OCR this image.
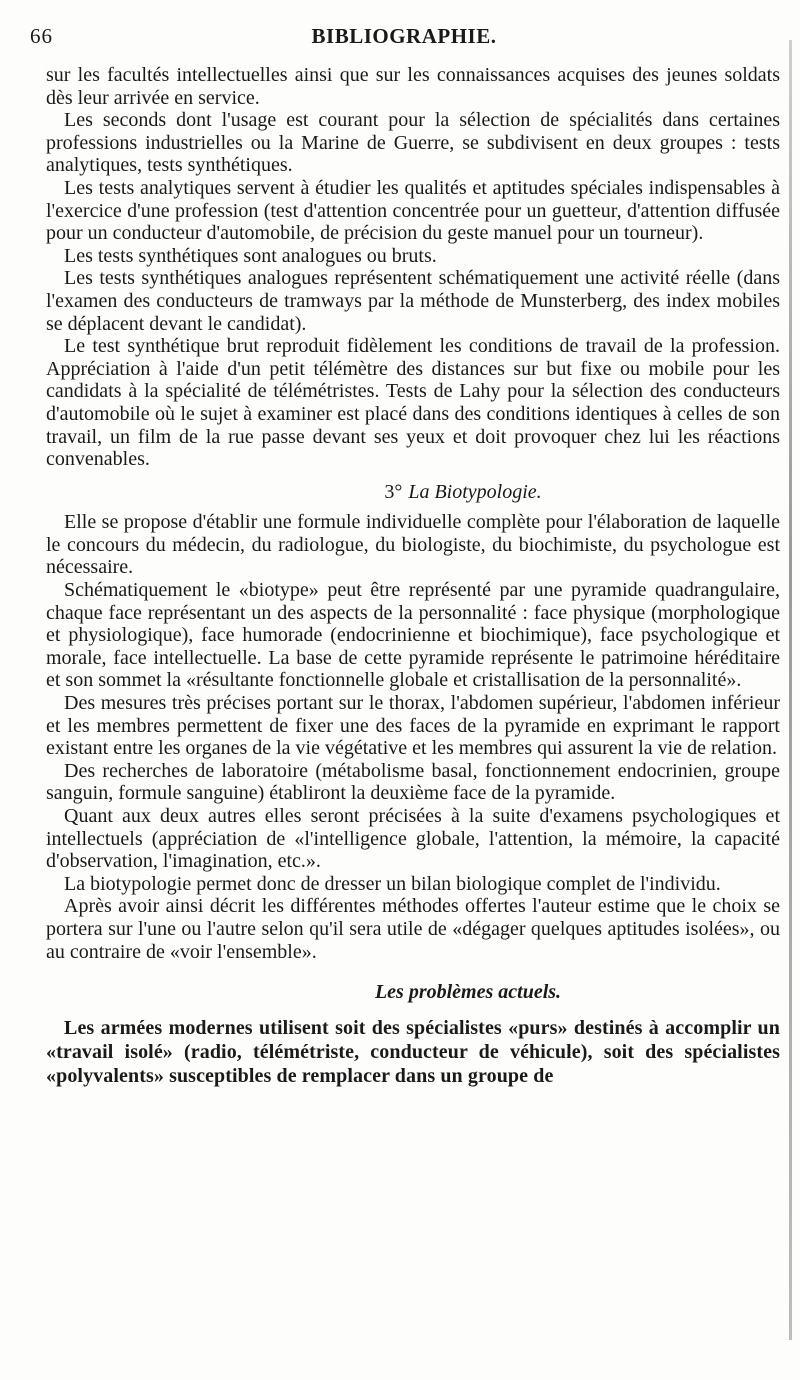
66	BIBLIOGRAPHIE.

sur les facultés intellectuelles ainsi que sur les connaissances acquises des jeunes soldats dès leur arrivée en service.

Les seconds dont l'usage est courant pour la sélection de spécialités dans certaines professions industrielles ou la Marine de Guerre, se subdivisent en deux groupes : tests analytiques, tests synthétiques.

Les tests analytiques servent à étudier les qualités et aptitudes spéciales indispensables à l'exercice d'une profession (test d'attention concentrée pour un guetteur, d'attention diffusée pour un conducteur d'automobile, de précision du geste manuel pour un tourneur).

Les tests synthétiques sont analogues ou bruts.

Les tests synthétiques analogues représentent schématiquement une activité réelle (dans l'examen des conducteurs de tramways par la méthode de Munsterberg, des index mobiles se déplacent devant le candidat).

Le test synthétique brut reproduit fidèlement les conditions de travail de la profession. Appréciation à l'aide d'un petit télémètre des distances sur but fixe ou mobile pour les candidats à la spécialité de télémétristes. Tests de Lahy pour la sélection des conducteurs d'automobile où le sujet à examiner est placé dans des conditions identiques à celles de son travail, un film de la rue passe devant ses yeux et doit provoquer chez lui les réactions convenables.

3° La Biotypologie.

Elle se propose d'établir une formule individuelle complète pour l'élaboration de laquelle le concours du médecin, du radiologue, du biologiste, du biochimiste, du psychologue est nécessaire.

Schématiquement le «biotype» peut être représenté par une pyramide quadrangulaire, chaque face représentant un des aspects de la personnalité : face physique (morphologique et physiologique), face humorade (endocrinienne et biochimique), face psychologique et morale, face intellectuelle. La base de cette pyramide représente le patrimoine héréditaire et son sommet la «résultante fonctionnelle globale et cristallisation de la personnalité».

Des mesures très précises portant sur le thorax, l'abdomen supérieur, l'abdomen inférieur et les membres permettent de fixer une des faces de la pyramide en exprimant le rapport existant entre les organes de la vie végétative et les membres qui assurent la vie de relation.

Des recherches de laboratoire (métabolisme basal, fonctionnement endocrinien, groupe sanguin, formule sanguine) établiront la deuxième face de la pyramide.

Quant aux deux autres elles seront précisées à la suite d'examens psychologiques et intellectuels (appréciation de «l'intelligence globale, l'attention, la mémoire, la capacité d'observation, l'imagination, etc.».

La biotypologie permet donc de dresser un bilan biologique complet de l'individu.

Après avoir ainsi décrit les différentes méthodes offertes l'auteur estime que le choix se portera sur l'une ou l'autre selon qu'il sera utile de «dégager quelques aptitudes isolées», ou au contraire de «voir l'ensemble».

Les problèmes actuels.

Les armées modernes utilisent soit des spécialistes «purs» destinés à accomplir un «travail isolé» (radio, télémétriste, conducteur de véhicule), soit des spécialistes «polyvalents» susceptibles de remplacer dans un groupe de
